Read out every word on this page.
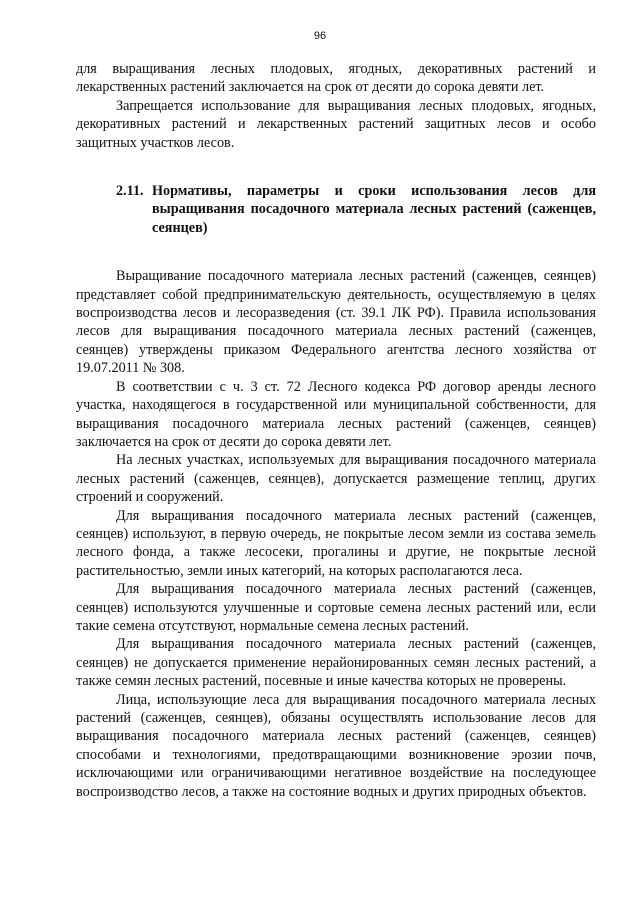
96

для выращивания лесных плодовых, ягодных, декоративных растений и лекарственных растений заключается на срок от десяти до сорока девяти лет.

Запрещается использование для выращивания лесных плодовых, ягодных, декоративных растений и лекарственных растений защитных лесов и особо защитных участков лесов.

2.11. Нормативы, параметры и сроки использования лесов для выращивания посадочного материала лесных растений (саженцев, сеянцев)

Выращивание посадочного материала лесных растений (саженцев, сеянцев) представляет собой предпринимательскую деятельность, осуществляемую в целях воспроизводства лесов и лесоразведения (ст. 39.1 ЛК РФ). Правила использования лесов для выращивания посадочного материала лесных растений (саженцев, сеянцев) утверждены приказом Федерального агентства лесного хозяйства от 19.07.2011 № 308.

В соответствии с ч. 3 ст. 72 Лесного кодекса РФ договор аренды лесного участка, находящегося в государственной или муниципальной собственности, для выращивания посадочного материала лесных растений (саженцев, сеянцев) заключается на срок от десяти до сорока девяти лет.

На лесных участках, используемых для выращивания посадочного материала лесных растений (саженцев, сеянцев), допускается размещение теплиц, других строений и сооружений.

Для выращивания посадочного материала лесных растений (саженцев, сеянцев) используют, в первую очередь, не покрытые лесом земли из состава земель лесного фонда, а также лесосеки, прогалины и другие, не покрытые лесной растительностью, земли иных категорий, на которых располагаются леса.

Для выращивания посадочного материала лесных растений (саженцев, сеянцев) используются улучшенные и сортовые семена лесных растений или, если такие семена отсутствуют, нормальные семена лесных растений.

Для выращивания посадочного материала лесных растений (саженцев, сеянцев) не допускается применение нерайонированных семян лесных растений, а также семян лесных растений, посевные и иные качества которых не проверены.

Лица, использующие леса для выращивания посадочного материала лесных растений (саженцев, сеянцев), обязаны осуществлять использование лесов для выращивания посадочного материала лесных растений (саженцев, сеянцев) способами и технологиями, предотвращающими возникновение эрозии почв, исключающими или ограничивающими негативное воздействие на последующее воспроизводство лесов, а также на состояние водных и других природных объектов.
